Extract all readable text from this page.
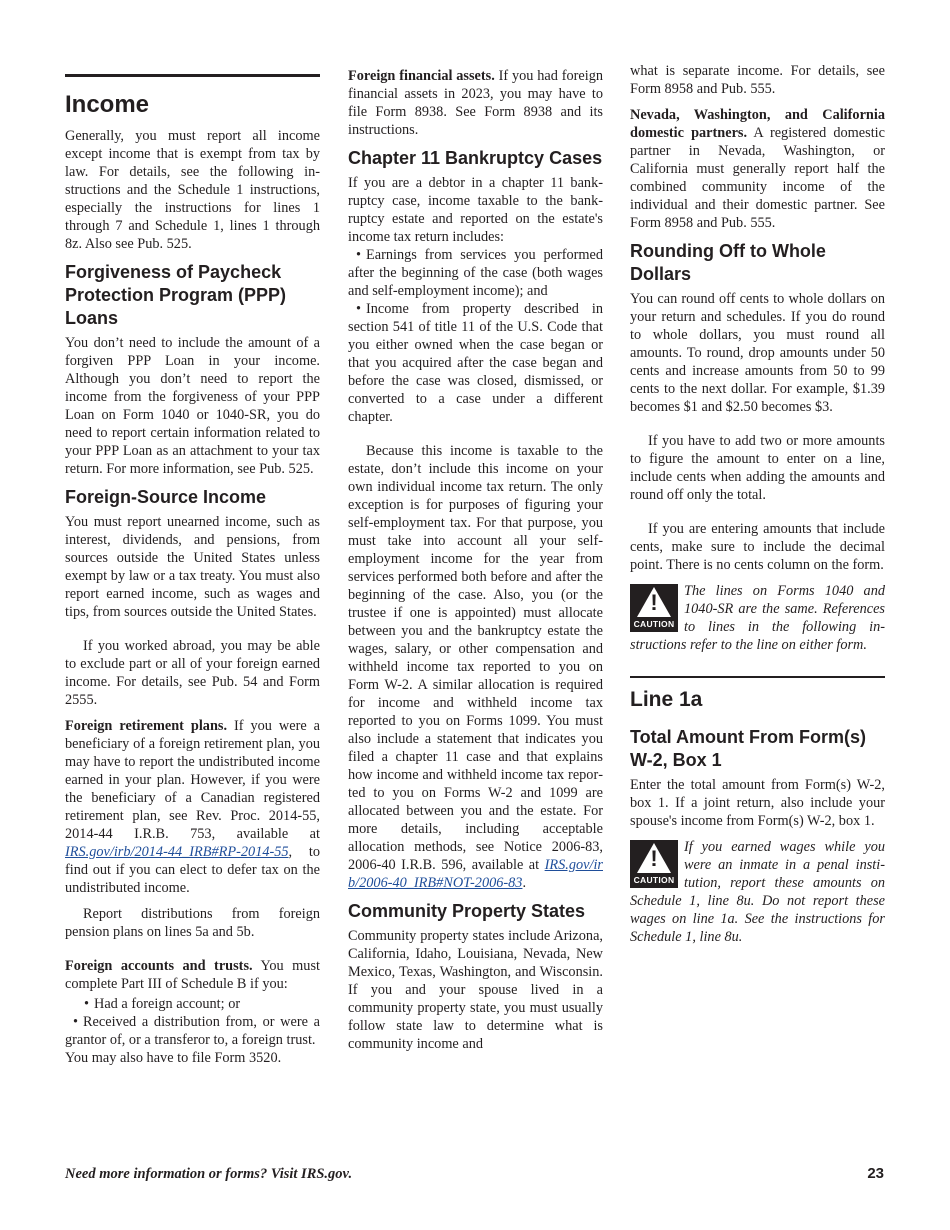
Income

Generally, you must report all income except income that is exempt from tax by law. For details, see the following instructions and the Schedule 1 instructions, especially the instructions for lines 1 through 7 and Schedule 1, lines 1 through 8z. Also see Pub. 525.

Forgiveness of Paycheck Protection Program (PPP) Loans

You don’t need to include the amount of a forgiven PPP Loan in your income. Although you don’t need to report the income from the forgiveness of your PPP Loan on Form 1040 or 1040-SR, you do need to report certain information related to your PPP Loan as an attachment to your tax return. For more information, see Pub. 525.

Foreign-Source Income

You must report unearned income, such as interest, dividends, and pensions, from sources outside the United States unless exempt by law or a tax treaty. You must also report earned income, such as wages and tips, from sources outside the United States.

If you worked abroad, you may be able to exclude part or all of your foreign earned income. For details, see Pub. 54 and Form 2555.

Foreign retirement plans. If you were a beneficiary of a foreign retirement plan, you may have to report the undistributed income earned in your plan. However, if you were the beneficiary of a Canadian registered retirement plan, see Rev. Proc. 2014-55, 2014-44 I.R.B. 753, available at IRS.gov/irb/2014-44_IRB#RP-2014-55, to find out if you can elect to defer tax on the undistributed income.

Report distributions from foreign pension plans on lines 5a and 5b.

Foreign accounts and trusts. You must complete Part III of Schedule B if you:

• Had a foreign account; or

• Received a distribution from, or were a grantor of, or a transferor to, a foreign trust.

You may also have to file Form 3520.

Foreign financial assets. If you had foreign financial assets in 2023, you may have to file Form 8938. See Form 8938 and its instructions.

Chapter 11 Bankruptcy Cases

If you are a debtor in a chapter 11 bankruptcy case, income taxable to the bankruptcy estate and reported on the estate's income tax return includes:

• Earnings from services you performed after the beginning of the case (both wages and self-employment income); and

• Income from property described in section 541 of title 11 of the U.S. Code that you either owned when the case began or that you acquired after the case began and before the case was closed, dismissed, or converted to a case under a different chapter.

Because this income is taxable to the estate, don’t include this income on your own individual income tax return. The only exception is for purposes of figuring your self-employment tax. For that purpose, you must take into account all your self-employment income for the year from services performed both before and after the beginning of the case. Also, you (or the trustee if one is appointed) must allocate between you and the bankruptcy estate the wages, salary, or other compensation and withheld income tax reported to you on Form W-2. A similar allocation is required for income and withheld income tax reported to you on Forms 1099. You must also include a statement that indicates you filed a chapter 11 case and that explains how income and withheld income tax reported to you on Forms W-2 and 1099 are allocated between you and the estate. For more details, including acceptable allocation methods, see Notice 2006-83, 2006-40 I.R.B. 596, available at IRS.gov/irb/2006-40_IRB#NOT-2006-83.

Community Property States

Community property states include Arizona, California, Idaho, Louisiana, Nevada, New Mexico, Texas, Washington, and Wisconsin. If you and your spouse lived in a community property state, you must usually follow state law to determine what is community income and

what is separate income. For details, see Form 8958 and Pub. 555.

Nevada, Washington, and California domestic partners. A registered domestic partner in Nevada, Washington, or California must generally report half the combined community income of the individual and their domestic partner. See Form 8958 and Pub. 555.

Rounding Off to Whole Dollars

You can round off cents to whole dollars on your return and schedules. If you do round to whole dollars, you must round all amounts. To round, drop amounts under 50 cents and increase amounts from 50 to 99 cents to the next dollar. For example, $1.39 becomes $1 and $2.50 becomes $3.

If you have to add two or more amounts to figure the amount to enter on a line, include cents when adding the amounts and round off only the total.

If you are entering amounts that include cents, make sure to include the decimal point. There is no cents column on the form.

!
CAUTION

The lines on Forms 1040 and 1040-SR are the same. References to lines in the following instructions refer to the line on either form.

Line 1a
Total Amount From Form(s) W-2, Box 1

Enter the total amount from Form(s) W-2, box 1. If a joint return, also include your spouse's income from Form(s) W-2, box 1.

!
CAUTION

If you earned wages while you were an inmate in a penal institution, report these amounts on Schedule 1, line 8u. Do not report these wages on line 1a. See the instructions for Schedule 1, line 8u.

Need more information or forms? Visit IRS.gov.	23
